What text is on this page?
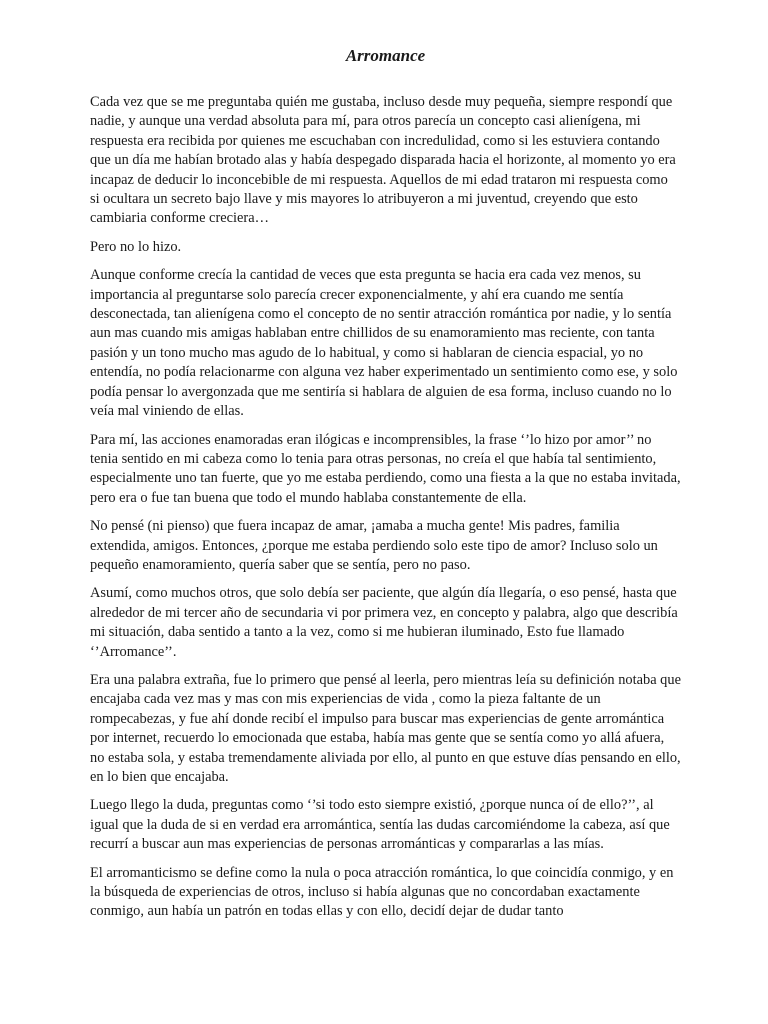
Arromance

Cada vez que se me preguntaba quién me gustaba, incluso desde muy pequeña, siempre respondí que nadie, y aunque una verdad absoluta para mí, para otros parecía un concepto casi alienígena, mi respuesta era recibida por quienes me escuchaban con incredulidad, como si les estuviera contando que un día me habían brotado alas y había despegado disparada hacia el horizonte, al momento yo era incapaz de deducir lo inconcebible de mi respuesta. Aquellos de mi edad trataron mi respuesta como si ocultara un secreto bajo llave y mis mayores lo atribuyeron a mi juventud, creyendo que esto cambiaria conforme creciera…

Pero no lo hizo.

Aunque conforme crecía la cantidad de veces que esta pregunta se hacia era cada vez menos, su importancia al preguntarse solo parecía crecer exponencialmente, y ahí era cuando me sentía desconectada, tan alienígena como el concepto de no sentir atracción romántica por nadie, y lo sentía aun mas cuando mis amigas hablaban entre chillidos de su enamoramiento mas reciente, con tanta pasión y un tono mucho mas agudo de lo habitual, y como si hablaran de ciencia espacial, yo no entendía, no podía relacionarme con alguna vez haber experimentado un sentimiento como ese, y solo podía pensar lo avergonzada que me sentiría si hablara de alguien de esa forma, incluso cuando no lo veía mal viniendo de ellas.

Para mí, las acciones enamoradas eran ilógicas e incomprensibles, la frase ‘’lo hizo por amor’’ no tenia sentido en mi cabeza como lo tenia para otras personas, no creía el que había tal sentimiento, especialmente uno tan fuerte, que yo me estaba perdiendo, como una fiesta a la que no estaba invitada, pero era o fue tan buena que todo el mundo hablaba constantemente de ella.

No pensé (ni pienso) que fuera incapaz de amar, ¡amaba a mucha gente! Mis padres, familia extendida, amigos. Entonces, ¿porque me estaba perdiendo solo este tipo de amor? Incluso solo un pequeño enamoramiento, quería saber que se sentía, pero no paso.

Asumí, como muchos otros, que solo debía ser paciente, que algún día llegaría, o eso pensé, hasta que alrededor de mi tercer año de secundaria vi por primera vez, en concepto y palabra, algo que describía mi situación, daba sentido a tanto a la vez, como si me hubieran iluminado, Esto fue llamado ‘’Arromance’’.

Era una palabra extraña, fue lo primero que pensé al leerla, pero mientras leía su definición notaba que encajaba cada vez mas y mas con mis experiencias de vida , como la pieza faltante de un rompecabezas, y fue ahí donde recibí el impulso para buscar mas experiencias de gente arromántica por internet, recuerdo lo emocionada que estaba, había mas gente que se sentía como yo allá afuera, no estaba sola, y estaba tremendamente aliviada por ello, al punto en que estuve días pensando en ello, en lo bien que encajaba.

Luego llego la duda, preguntas como ‘’si todo esto siempre existió, ¿porque nunca oí de ello?’’, al igual que la duda de si en verdad era arromántica, sentía las dudas carcomiéndome la cabeza, así que recurrí a buscar aun mas experiencias de personas arrománticas y compararlas a las mías.

El arromanticismo se define como la nula o poca atracción romántica, lo que coincidía conmigo, y en la búsqueda de experiencias de otros, incluso si había algunas que no concordaban exactamente conmigo, aun había un patrón en todas ellas y con ello, decidí dejar de dudar tanto
